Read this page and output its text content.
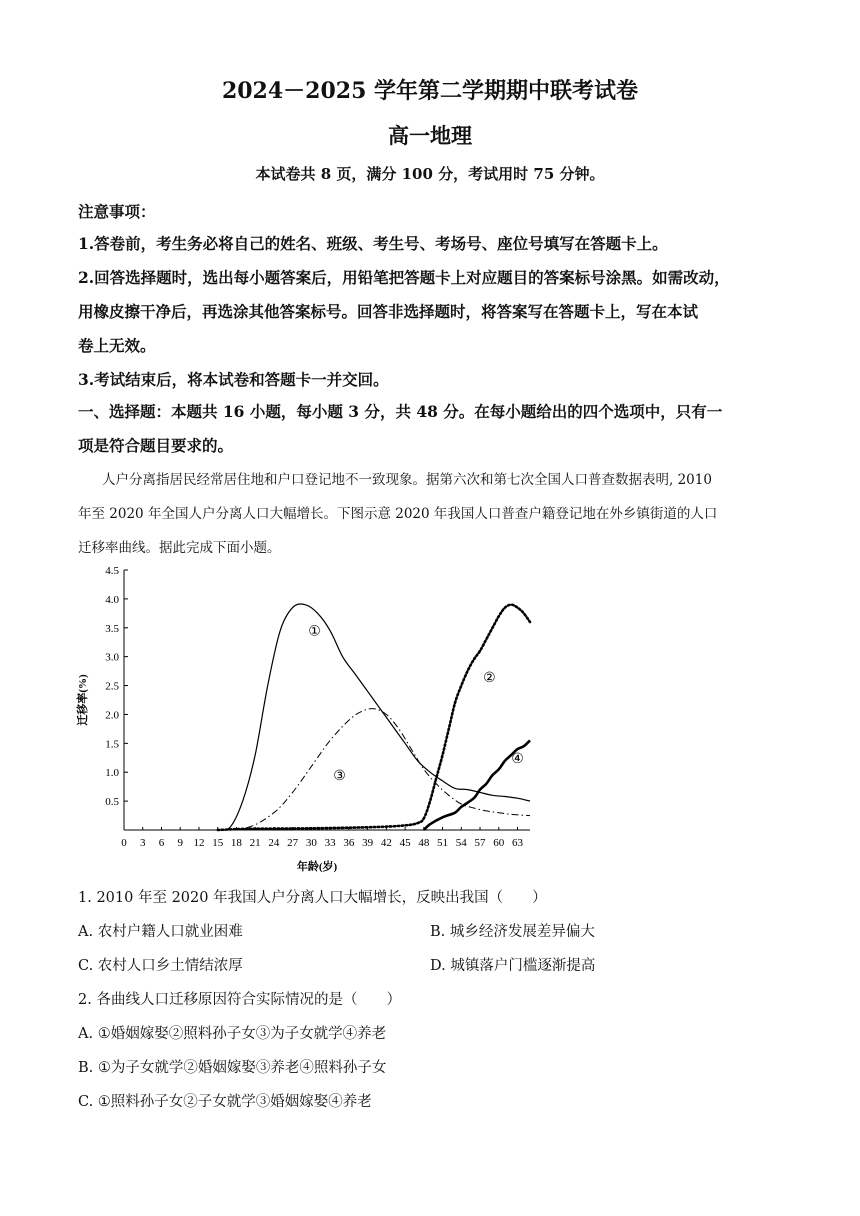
2024－2025 学年第二学期期中联考试卷
高一地理
本试卷共 8 页，满分 100 分，考试用时 75 分钟。
注意事项：
1.答卷前，考生务必将自己的姓名、班级、考生号、考场号、座位号填写在答题卡上。
2.回答选择题时，选出每小题答案后，用铅笔把答题卡上对应题目的答案标号涂黑。如需改动，
用橡皮擦干净后，再选涂其他答案标号。回答非选择题时，将答案写在答题卡上，写在本试
卷上无效。
3.考试结束后，将本试卷和答题卡一并交回。
一、选择题：本题共 16 小题，每小题 3 分，共 48 分。在每小题给出的四个选项中，只有一
项是符合题目要求的。
人户分离指居民经常居住地和户口登记地不一致现象。据第六次和第七次全国人口普查数据表明, 2010
年至 2020 年全国人户分离人口大幅增长。下图示意 2020 年我国人口普查户籍登记地在外乡镇街道的人口
迁移率曲线。据此完成下面小题。
0.5
1.0
1.5
2.0
2.5
3.0
3.5
4.0
4.5
0 3 6 9 12 15 18 21 24 27 30 33 36 39 42 45 48 51 54 57 60 63
①
②
③
④
年龄(岁)
迁移率(%)
1. 2010 年至 2020 年我国人户分离人口大幅增长，反映出我国（　　）
A. 农村户籍人口就业困难	B. 城乡经济发展差异偏大
C. 农村人口乡土情结浓厚	D. 城镇落户门槛逐渐提高
2. 各曲线人口迁移原因符合实际情况的是（　　）
A. ①婚姻嫁娶②照料孙子女③为子女就学④养老
B. ①为子女就学②婚姻嫁娶③养老④照料孙子女
C. ①照料孙子女②子女就学③婚姻嫁娶④养老
